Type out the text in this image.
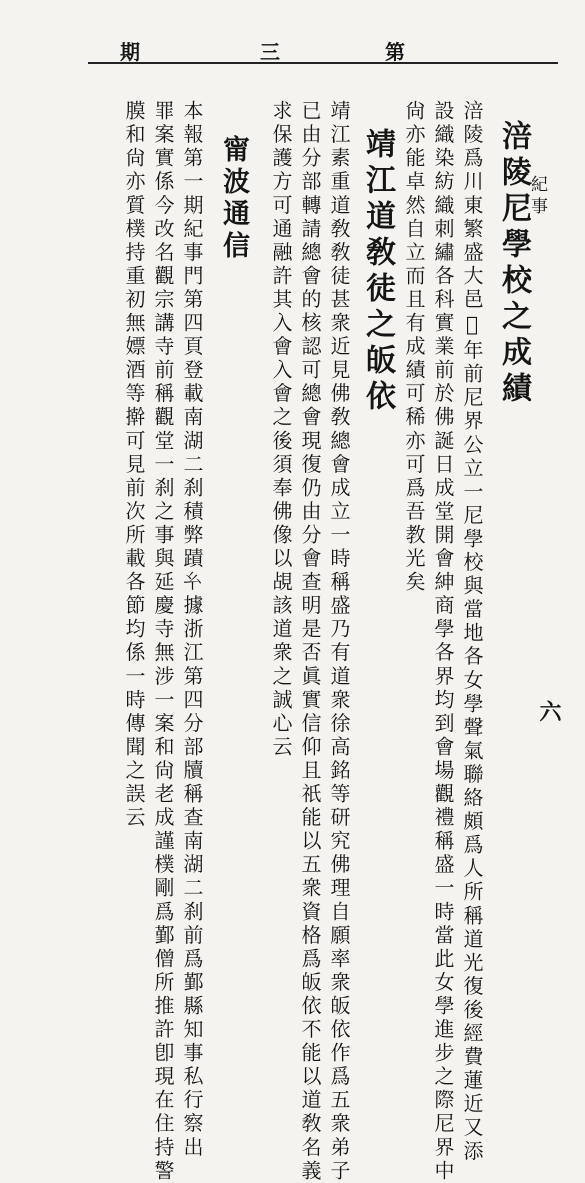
第
三
期
紀事
六
涪陵尼學校之成績
涪陵爲川東繁盛大邑𥝠年前尼界公立一尼學校與當地各女學聲氣聯絡頗爲人所稱道光復後經費蓮近又添
設織染紡織刺繡各科實業前於佛誕日成堂開會紳商學各界均到會場觀禮稱盛一時當此女學進步之際尼界中
尙亦能卓然自立而且有成績可稀亦可爲吾教光矣
靖江道敎徒之皈依
靖江素重道敎敎徒甚衆近見佛敎總會成立一時稱盛乃有道衆徐高銘等研究佛理自願率衆皈依作爲五衆弟子
已由分部轉請總會的核認可總會現復仍由分會查明是否眞實信仰且祇能以五衆資格爲皈依不能以道敎名義
求保護方可通融許其入會入會之後須奉佛像以覘該道衆之誠心云
甯波通信
本報第一期紀事門第四頁登載南湖二刹積弊蹟𢆯據浙江第四分部牘稱查南湖二刹前爲鄞縣知事私行察出
罪案實係今改名觀宗講寺前稱觀堂一刹之事與延慶寺無涉一案和尙老成謹樸剛爲鄞僧所推許卽現在住持警
膜和尙亦質樸持重初無嫖酒等擀可見前次所載各節均係一時傳聞之誤云
